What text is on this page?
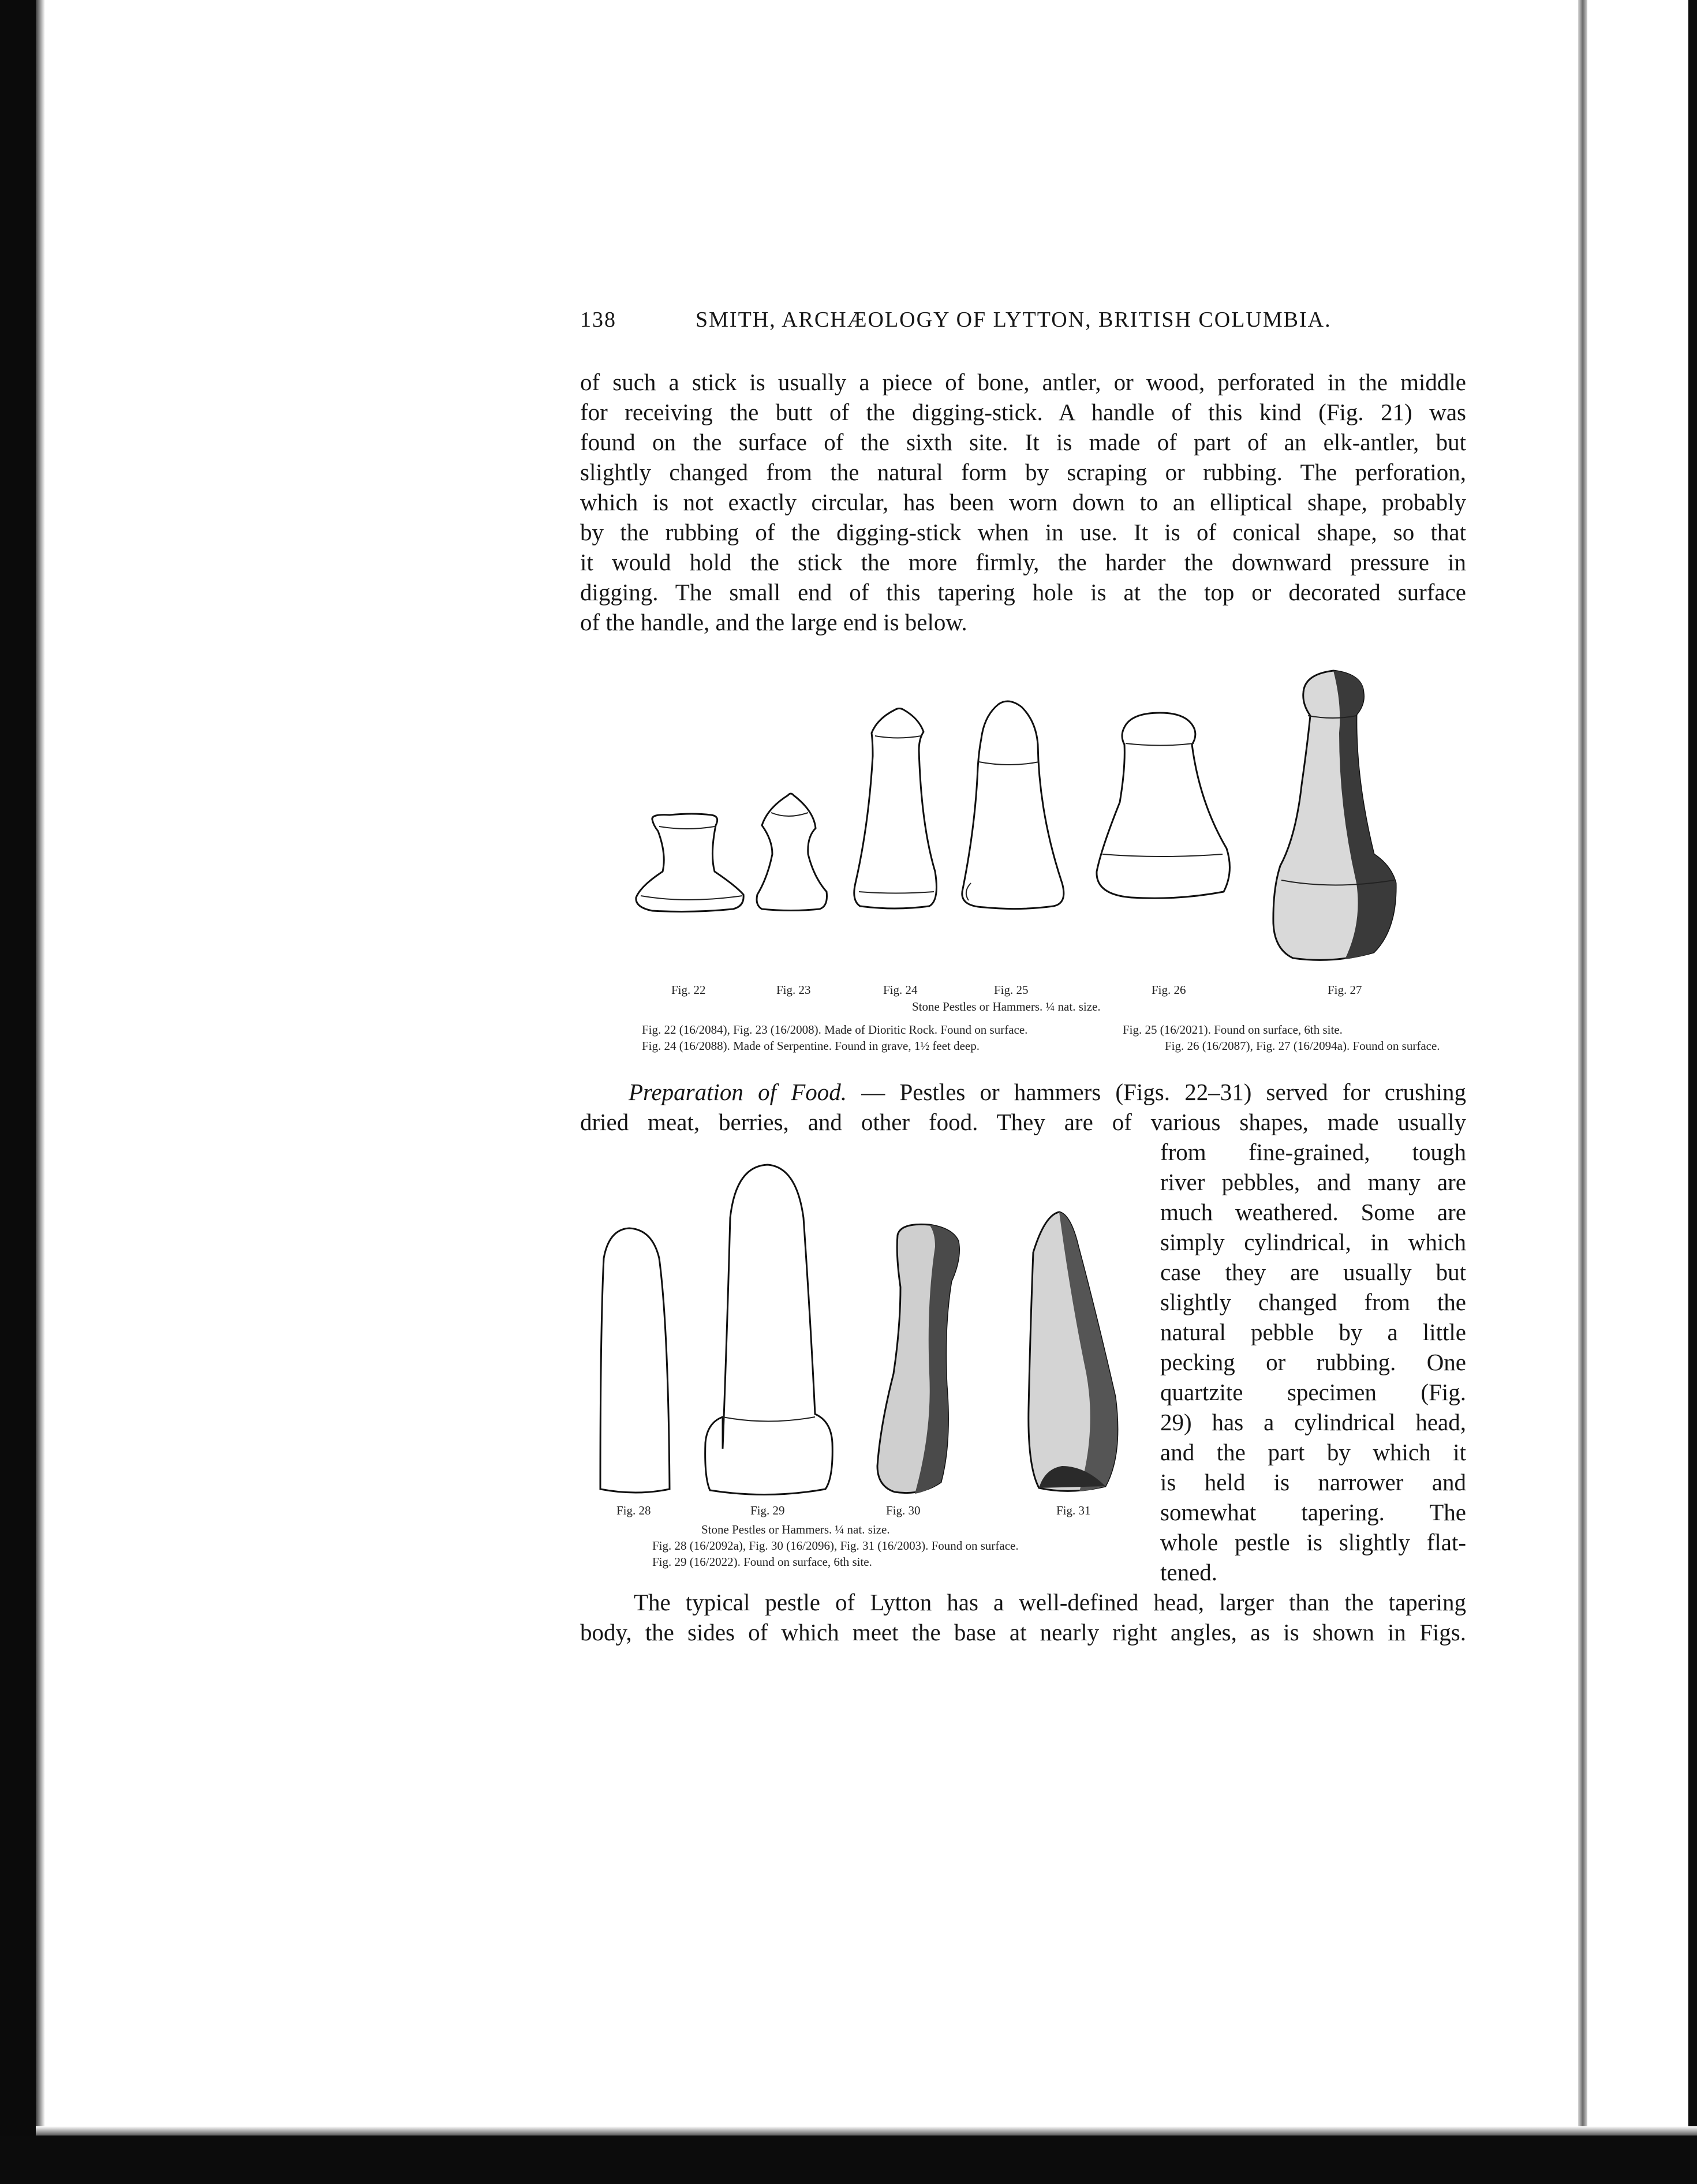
138	SMITH, ARCHÆOLOGY OF LYTTON, BRITISH COLUMBIA.
of such a stick is usually a piece of bone, antler, or wood, perforated in the middle
for receiving the butt of the digging-stick. A handle of this kind (Fig. 21) was
found on the surface of the sixth site. It is made of part of an elk-antler, but
slightly changed from the natural form by scraping or rubbing. The perforation,
which is not exactly circular, has been worn down to an elliptical shape, probably
by the rubbing of the digging-stick when in use. It is of conical shape, so that
it would hold the stick the more firmly, the harder the downward pressure in
digging. The small end of this tapering hole is at the top or decorated surface
of the handle, and the large end is below.
Fig. 22	Fig. 23	Fig. 24	Fig. 25	Fig. 26	Fig. 27
Stone Pestles or Hammers. ¼ nat. size.
Fig. 22 (16/2084), Fig. 23 (16/2008). Made of Dioritic Rock. Found on surface.
Fig. 24 (16/2088). Made of Serpentine. Found in grave, 1½ feet deep.
Fig. 25 (16/2021). Found on surface, 6th site.
Fig. 26 (16/2087), Fig. 27 (16/2094a). Found on surface.
Preparation of Food. — Pestles or hammers (Figs. 22–31) served for crushing
dried meat, berries, and other food. They are of various shapes, made usually
from fine-grained, tough
river pebbles, and many are
much weathered. Some are
simply cylindrical, in which
case they are usually but
slightly changed from the
natural pebble by a little
pecking or rubbing. One
quartzite specimen (Fig.
29) has a cylindrical head,
and the part by which it
is held is narrower and
somewhat tapering. The
whole pestle is slightly flat-
tened.
Fig. 28	Fig. 29	Fig. 30	Fig. 31
Stone Pestles or Hammers. ¼ nat. size.
Fig. 28 (16/2092a), Fig. 30 (16/2096), Fig. 31 (16/2003). Found on surface.
Fig. 29 (16/2022). Found on surface, 6th site.
The typical pestle of Lytton has a well-defined head, larger than the tapering
body, the sides of which meet the base at nearly right angles, as is shown in Figs.
